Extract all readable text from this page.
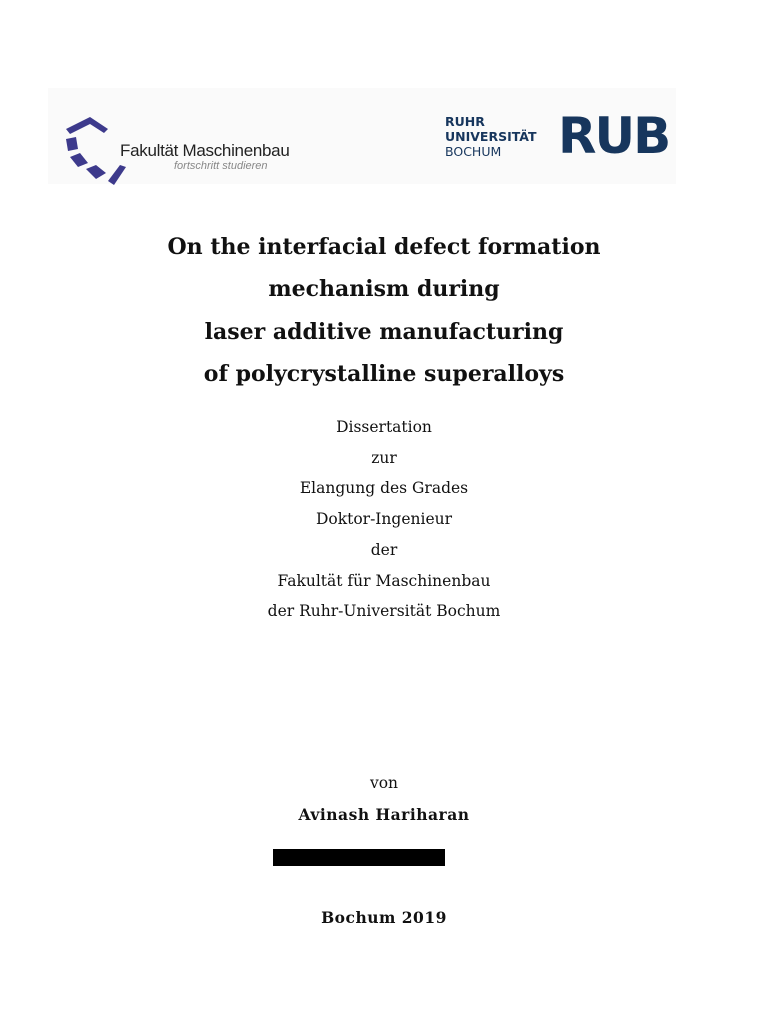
Fakultät Maschinenbau
fortschritt studieren
RUHR
UNIVERSITÄT
BOCHUM	RUB
On the interfacial defect formation
mechanism during
laser additive manufacturing
of polycrystalline superalloys
Dissertation
zur
Elangung des Grades
Doktor-Ingenieur
der
Fakultät für Maschinenbau
der Ruhr-Universität Bochum
von
Avinash Hariharan
Bochum 2019
